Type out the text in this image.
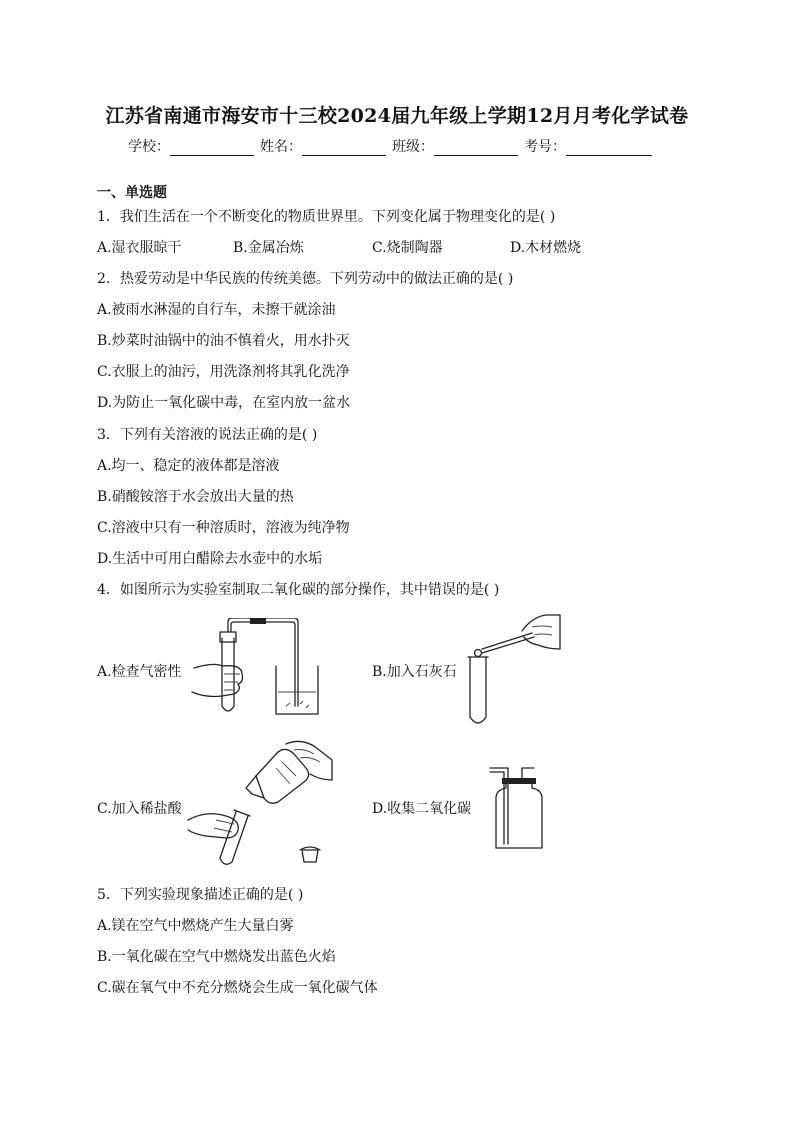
江苏省南通市海安市十三校2024届九年级上学期12月月考化学试卷
学校：	姓名：	班级：	考号：
一、单选题
1．我们生活在一个不断变化的物质世界里。下列变化属于物理变化的是( )
A.湿衣服晾干	B.金属冶炼	C.烧制陶器	D.木材燃烧
2．热爱劳动是中华民族的传统美德。下列劳动中的做法正确的是( )
A.被雨水淋湿的自行车，未擦干就涂油
B.炒菜时油锅中的油不慎着火，用水扑灭
C.衣服上的油污，用洗涤剂将其乳化洗净
D.为防止一氧化碳中毒，在室内放一盆水
3．下列有关溶液的说法正确的是( )
A.均一、稳定的液体都是溶液
B.硝酸铵溶于水会放出大量的热
C.溶液中只有一种溶质时，溶液为纯净物
D.生活中可用白醋除去水壶中的水垢
4．如图所示为实验室制取二氧化碳的部分操作，其中错误的是( )
A.检查气密性	B.加入石灰石
C.加入稀盐酸	D.收集二氧化碳
5．下列实验现象描述正确的是( )
A.镁在空气中燃烧产生大量白雾
B.一氧化碳在空气中燃烧发出蓝色火焰
C.碳在氧气中不充分燃烧会生成一氧化碳气体
